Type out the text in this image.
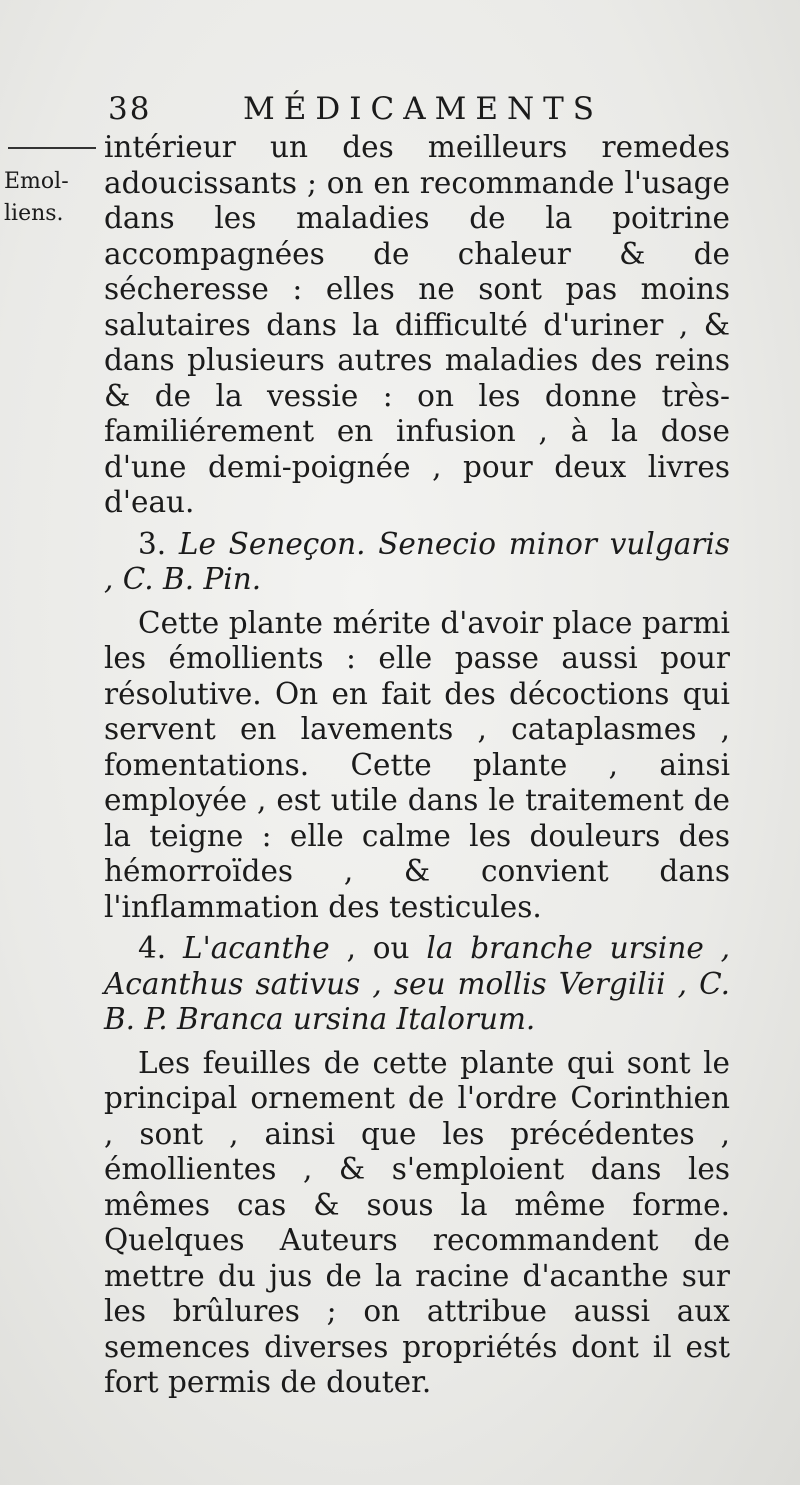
38	MÉDICAMENTS
Emol-
liens.

intérieur un des meilleurs remedes adoucissants ; on en recommande l'usage dans les maladies de la poitrine accompagnées de chaleur & de sécheresse : elles ne sont pas moins salutaires dans la difficulté d'uriner , & dans plusieurs autres maladies des reins & de la vessie : on les donne très-familiérement en infusion , à la dose d'une demi-poignée , pour deux livres d'eau.

3. Le Seneçon. Senecio minor vulgaris , C. B. Pin.

Cette plante mérite d'avoir place parmi les émollients : elle passe aussi pour résolutive. On en fait des décoctions qui servent en lavements , cataplasmes , fomentations. Cette plante , ainsi employée , est utile dans le traitement de la teigne : elle calme les douleurs des hémorroïdes , & convient dans l'inflammation des testicules.

4. L'acanthe , ou la branche ursine , Acanthus sativus , seu mollis Vergilii , C. B. P. Branca ursina Italorum.

Les feuilles de cette plante qui sont le principal ornement de l'ordre Corinthien , sont , ainsi que les précédentes , émollientes , & s'emploient dans les mêmes cas & sous la même forme. Quelques Auteurs recommandent de mettre du jus de la racine d'acanthe sur les brûlures ; on attribue aussi aux semences diverses propriétés dont il est fort permis de douter.
